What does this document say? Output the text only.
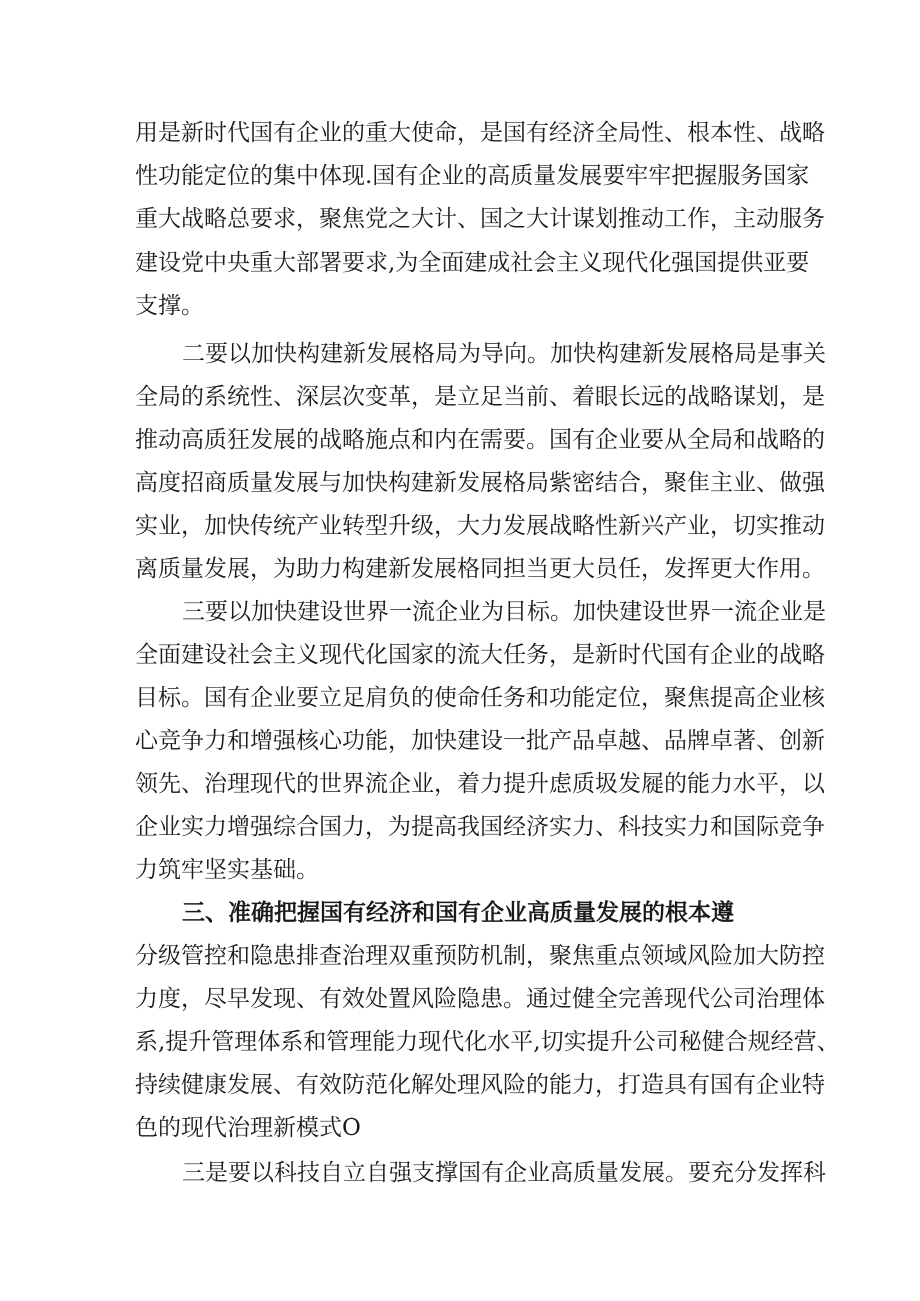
用是新时代国有企业的重大使命，是国有经济全局性、根本性、战略
性功能定位的集中体现.国有企业的高质量发展要牢牢把握服务国家
重大战略总要求，聚焦党之大计、国之大计谋划推动工作，主动服务
建设党中央重大部署要求,为全面建成社会主义现代化强国提供亚要
支撑。
二要以加快构建新发展格局为导向。加快构建新发展格局是事关
全局的系统性、深层次变革，是立足当前、着眼长远的战略谋划，是
推动高质狂发展的战略施点和内在需要。国有企业要从全局和战略的
高度招商质量发展与加快构建新发展格局紫密结合，聚隹主业、做强
实业，加快传统产业转型升级，大力发展战略性新兴产业，切实推动
离质量发展，为助力构建新发展格同担当更大员任，发挥更大作用。
三要以加快建设世界一流企业为目标。加快建设世界一流企业是
全面建设社会主义现代化国家的流大任务，是新时代国有企业的战略
目标。国有企业要立足肩负的使命任务和功能定位，聚焦提高企业核
心竞争力和增强核心功能，加快建设一批产品卓越、品牌卓著、创新
领先、治理现代的世界流企业，着力提升虑质圾发屣的能力水平，以
企业实力增强综合国力，为提高我国经济实力、科技实力和国际竞争
力筑牢坚实基础。
三、准确把握国有经济和国有企业高质量发展的根本遵
分级管控和隐患排查治理双重预防机制，聚焦重点领域风险加大防控
力度，尽早发现、有效处置风险隐患。通过健全完善现代公司治理体
系,提升管理体系和管理能力现代化水平,切实提升公司秘健合规经营、
持续健康发展、有效防范化解处理风险的能力，打造具有国有企业特
色的现代治理新模式O
三是要以科技自立自强支撑国有企业高质量发展。要充分发挥科
